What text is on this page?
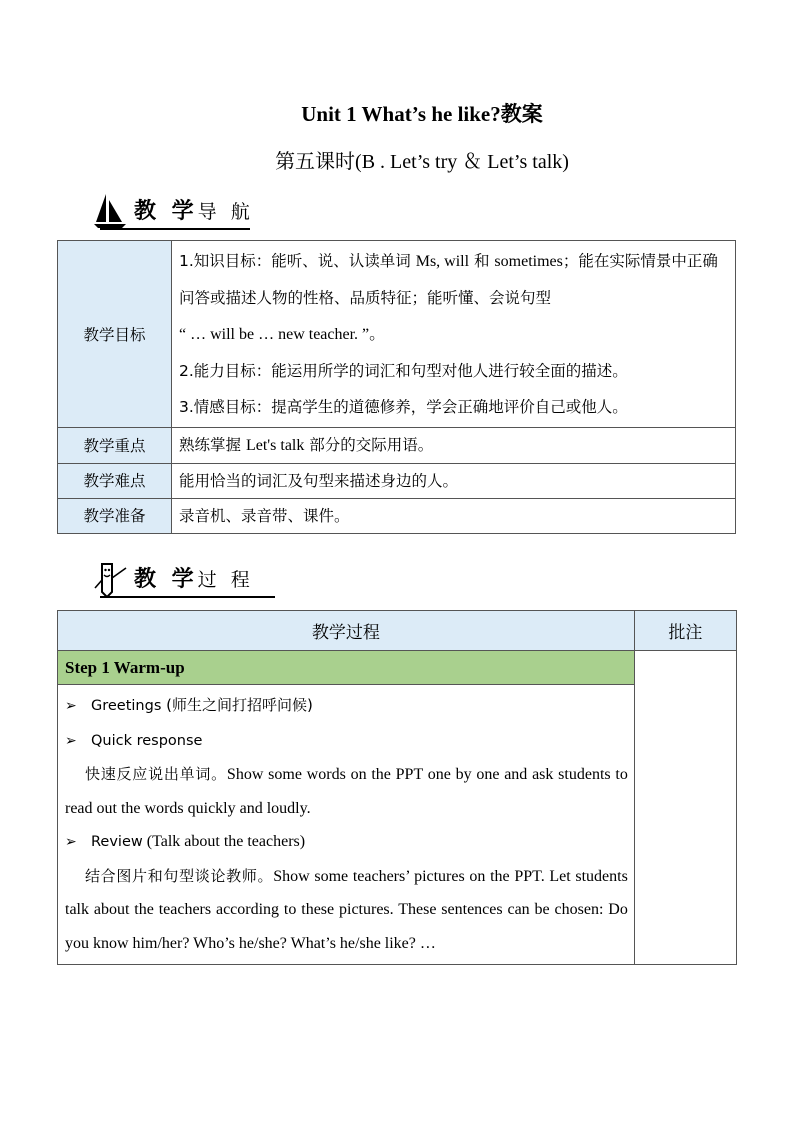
Unit 1 What’s he like?教案
第五课时(B . Let’s try ＆ Let’s talk)
教 学导 航
教学目标	1.知识目标：能听、说、认读单词 Ms, will 和 sometimes；能在实际情景中正确问答或描述人物的性格、品质特征；能听懂、会说句型
“ … will be … new teacher. ”。
2.能力目标：能运用所学的词汇和句型对他人进行较全面的描述。
3.情感目标：提高学生的道德修养，学会正确地评价自己或他人。

教学重点	熟练掌握 Let's talk 部分的交际用语。
教学难点	能用恰当的词汇及句型来描述身边的人。
教学准备	录音机、录音带、课件。
教 学过 程
教学过程	批注
Step 1 Warm-up	

➢ Greetings (师生之间打招呼问候)
➢ Quick response
快速反应说出单词。Show some words on the PPT one by one and ask students to read out the words quickly and loudly.
➢ Review (Talk about the teachers)
结合图片和句型谈论教师。Show some teachers’ pictures on the PPT. Let students talk about the teachers according to these pictures. These sentences can be chosen: Do you know him/her? Who’s he/she? What’s he/she like? …	
